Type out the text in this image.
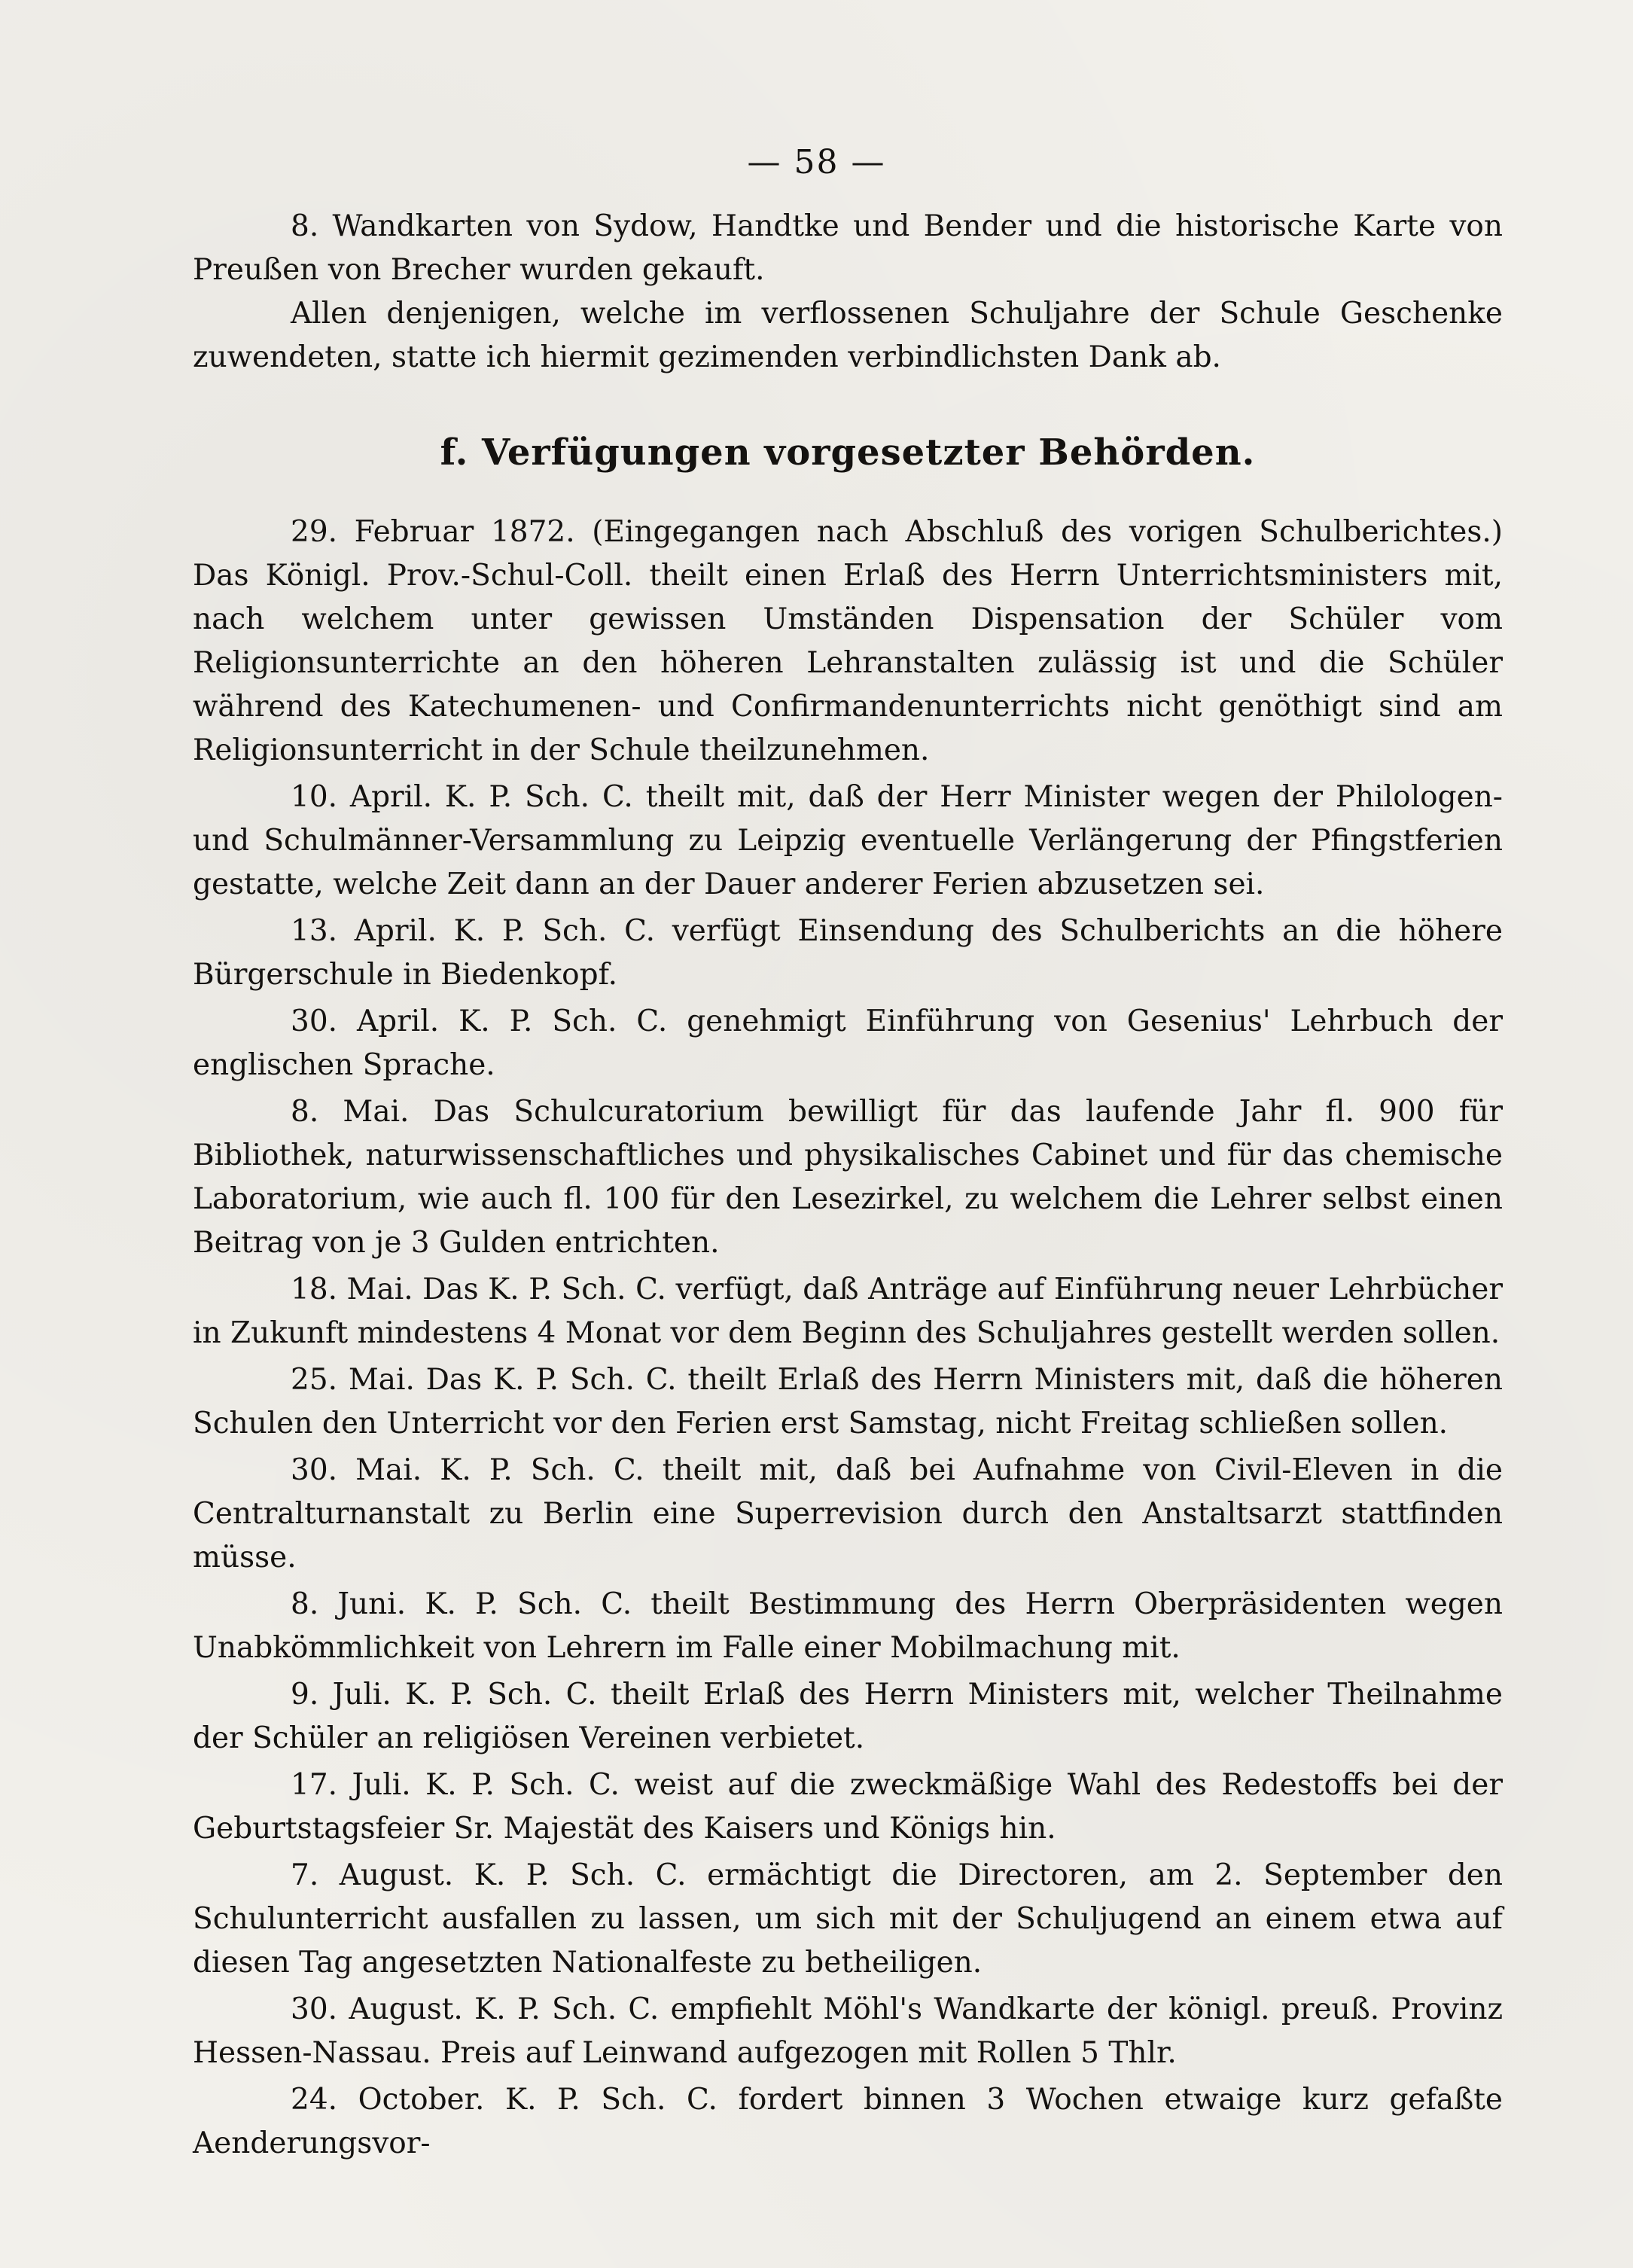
— 58 —

8. Wandkarten von Sydow, Handtke und Bender und die historische Karte von Preußen von Brecher wurden gekauft.

Allen denjenigen, welche im verflossenen Schuljahre der Schule Geschenke zuwendeten, statte ich hiermit gezimenden verbindlichsten Dank ab.

f. Verfügungen vorgesetzter Behörden.

29. Februar 1872. (Eingegangen nach Abschluß des vorigen Schulberichtes.) Das Königl. Prov.-Schul-Coll. theilt einen Erlaß des Herrn Unterrichtsministers mit, nach welchem unter gewissen Umständen Dispensation der Schüler vom Religionsunterrichte an den höheren Lehranstalten zulässig ist und die Schüler während des Katechumenen- und Confirmandenunterrichts nicht genöthigt sind am Religionsunterricht in der Schule theilzunehmen.

10. April. K. P. Sch. C. theilt mit, daß der Herr Minister wegen der Philologen- und Schulmänner-Versammlung zu Leipzig eventuelle Verlängerung der Pfingstferien gestatte, welche Zeit dann an der Dauer anderer Ferien abzusetzen sei.

13. April. K. P. Sch. C. verfügt Einsendung des Schulberichts an die höhere Bürgerschule in Biedenkopf.

30. April. K. P. Sch. C. genehmigt Einführung von Gesenius' Lehrbuch der englischen Sprache.

8. Mai. Das Schulcuratorium bewilligt für das laufende Jahr fl. 900 für Bibliothek, naturwissenschaftliches und physikalisches Cabinet und für das chemische Laboratorium, wie auch fl. 100 für den Lesezirkel, zu welchem die Lehrer selbst einen Beitrag von je 3 Gulden entrichten.

18. Mai. Das K. P. Sch. C. verfügt, daß Anträge auf Einführung neuer Lehrbücher in Zukunft mindestens 4 Monat vor dem Beginn des Schuljahres gestellt werden sollen.

25. Mai. Das K. P. Sch. C. theilt Erlaß des Herrn Ministers mit, daß die höheren Schulen den Unterricht vor den Ferien erst Samstag, nicht Freitag schließen sollen.

30. Mai. K. P. Sch. C. theilt mit, daß bei Aufnahme von Civil-Eleven in die Centralturnanstalt zu Berlin eine Superrevision durch den Anstaltsarzt stattfinden müsse.

8. Juni. K. P. Sch. C. theilt Bestimmung des Herrn Oberpräsidenten wegen Unabkömmlichkeit von Lehrern im Falle einer Mobilmachung mit.

9. Juli. K. P. Sch. C. theilt Erlaß des Herrn Ministers mit, welcher Theilnahme der Schüler an religiösen Vereinen verbietet.

17. Juli. K. P. Sch. C. weist auf die zweckmäßige Wahl des Redestoffs bei der Geburtstagsfeier Sr. Majestät des Kaisers und Königs hin.

7. August. K. P. Sch. C. ermächtigt die Directoren, am 2. September den Schulunterricht ausfallen zu lassen, um sich mit der Schuljugend an einem etwa auf diesen Tag angesetzten Nationalfeste zu betheiligen.

30. August. K. P. Sch. C. empfiehlt Möhl's Wandkarte der königl. preuß. Provinz Hessen-Nassau. Preis auf Leinwand aufgezogen mit Rollen 5 Thlr.

24. October. K. P. Sch. C. fordert binnen 3 Wochen etwaige kurz gefaßte Aenderungsvor-
